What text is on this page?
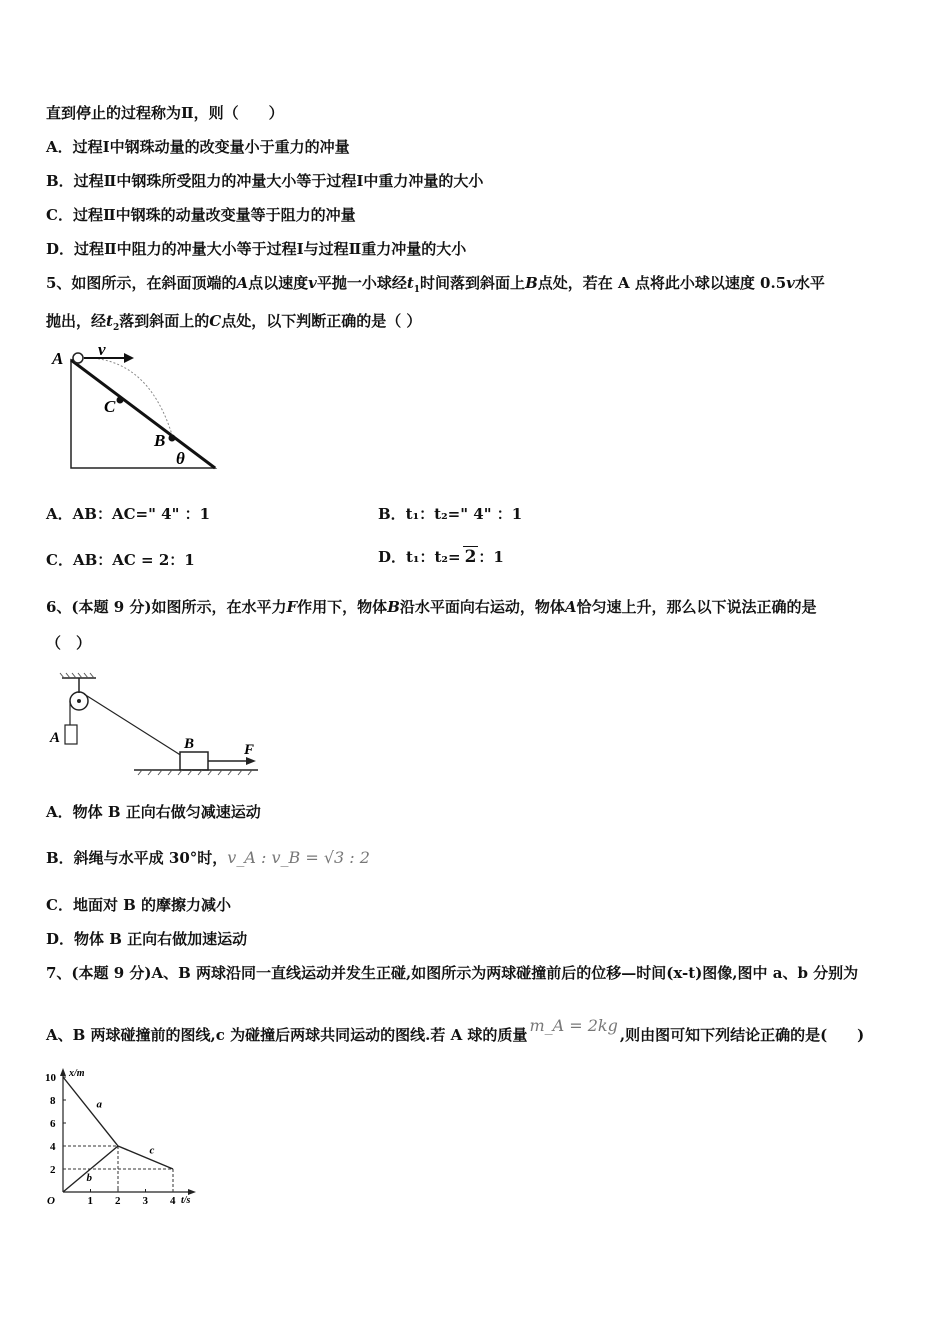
直到停止的过程称为Ⅱ，则（　　）
A．过程Ⅰ中钢珠动量的改变量小于重力的冲量
B．过程Ⅱ中钢珠所受阻力的冲量大小等于过程Ⅰ中重力冲量的大小
C．过程Ⅱ中钢珠的动量改变量等于阻力的冲量
D．过程Ⅱ中阻力的冲量大小等于过程Ⅰ与过程Ⅱ重力冲量的大小
5、如图所示，在斜面顶端的A点以速度v平抛一小球经$t_1$时间落到斜面上B点处，若在 A 点将此小球以速度 0.5v水平
抛出，经$t_2$落到斜面上的C点处，以下判断正确的是（ ）
A v
C
B
θ
A．AB：AC=" 4" ：1	B．t₁：t₂=" 4" ：1
C．AB：AC = 2：1	D．t₁：t₂= 2 ：1
6、(本题 9 分)如图所示，在水平力F作用下，物体B沿水平面向右运动，物体A恰匀速上升，那么以下说法正确的是
（　）
A	B	F
A．物体 B 正向右做匀减速运动
B．斜绳与水平成 30°时，v_A : v_B = √3 : 2
C．地面对 B 的摩擦力减小
D．物体 B 正向右做加速运动
7、(本题 9 分)A、B 两球沿同一直线运动并发生正碰,如图所示为两球碰撞前后的位移—时间(x-t)图像,图中 a、b 分别为
A、B 两球碰撞前的图线,c 为碰撞后两球共同运动的图线.若 A 球的质量 m_A = 2kg ,则由图可知下列结论正确的是(　　)
x/m
t/s
O	1 2 3 4
2
4
6
8
10
a
b
c
